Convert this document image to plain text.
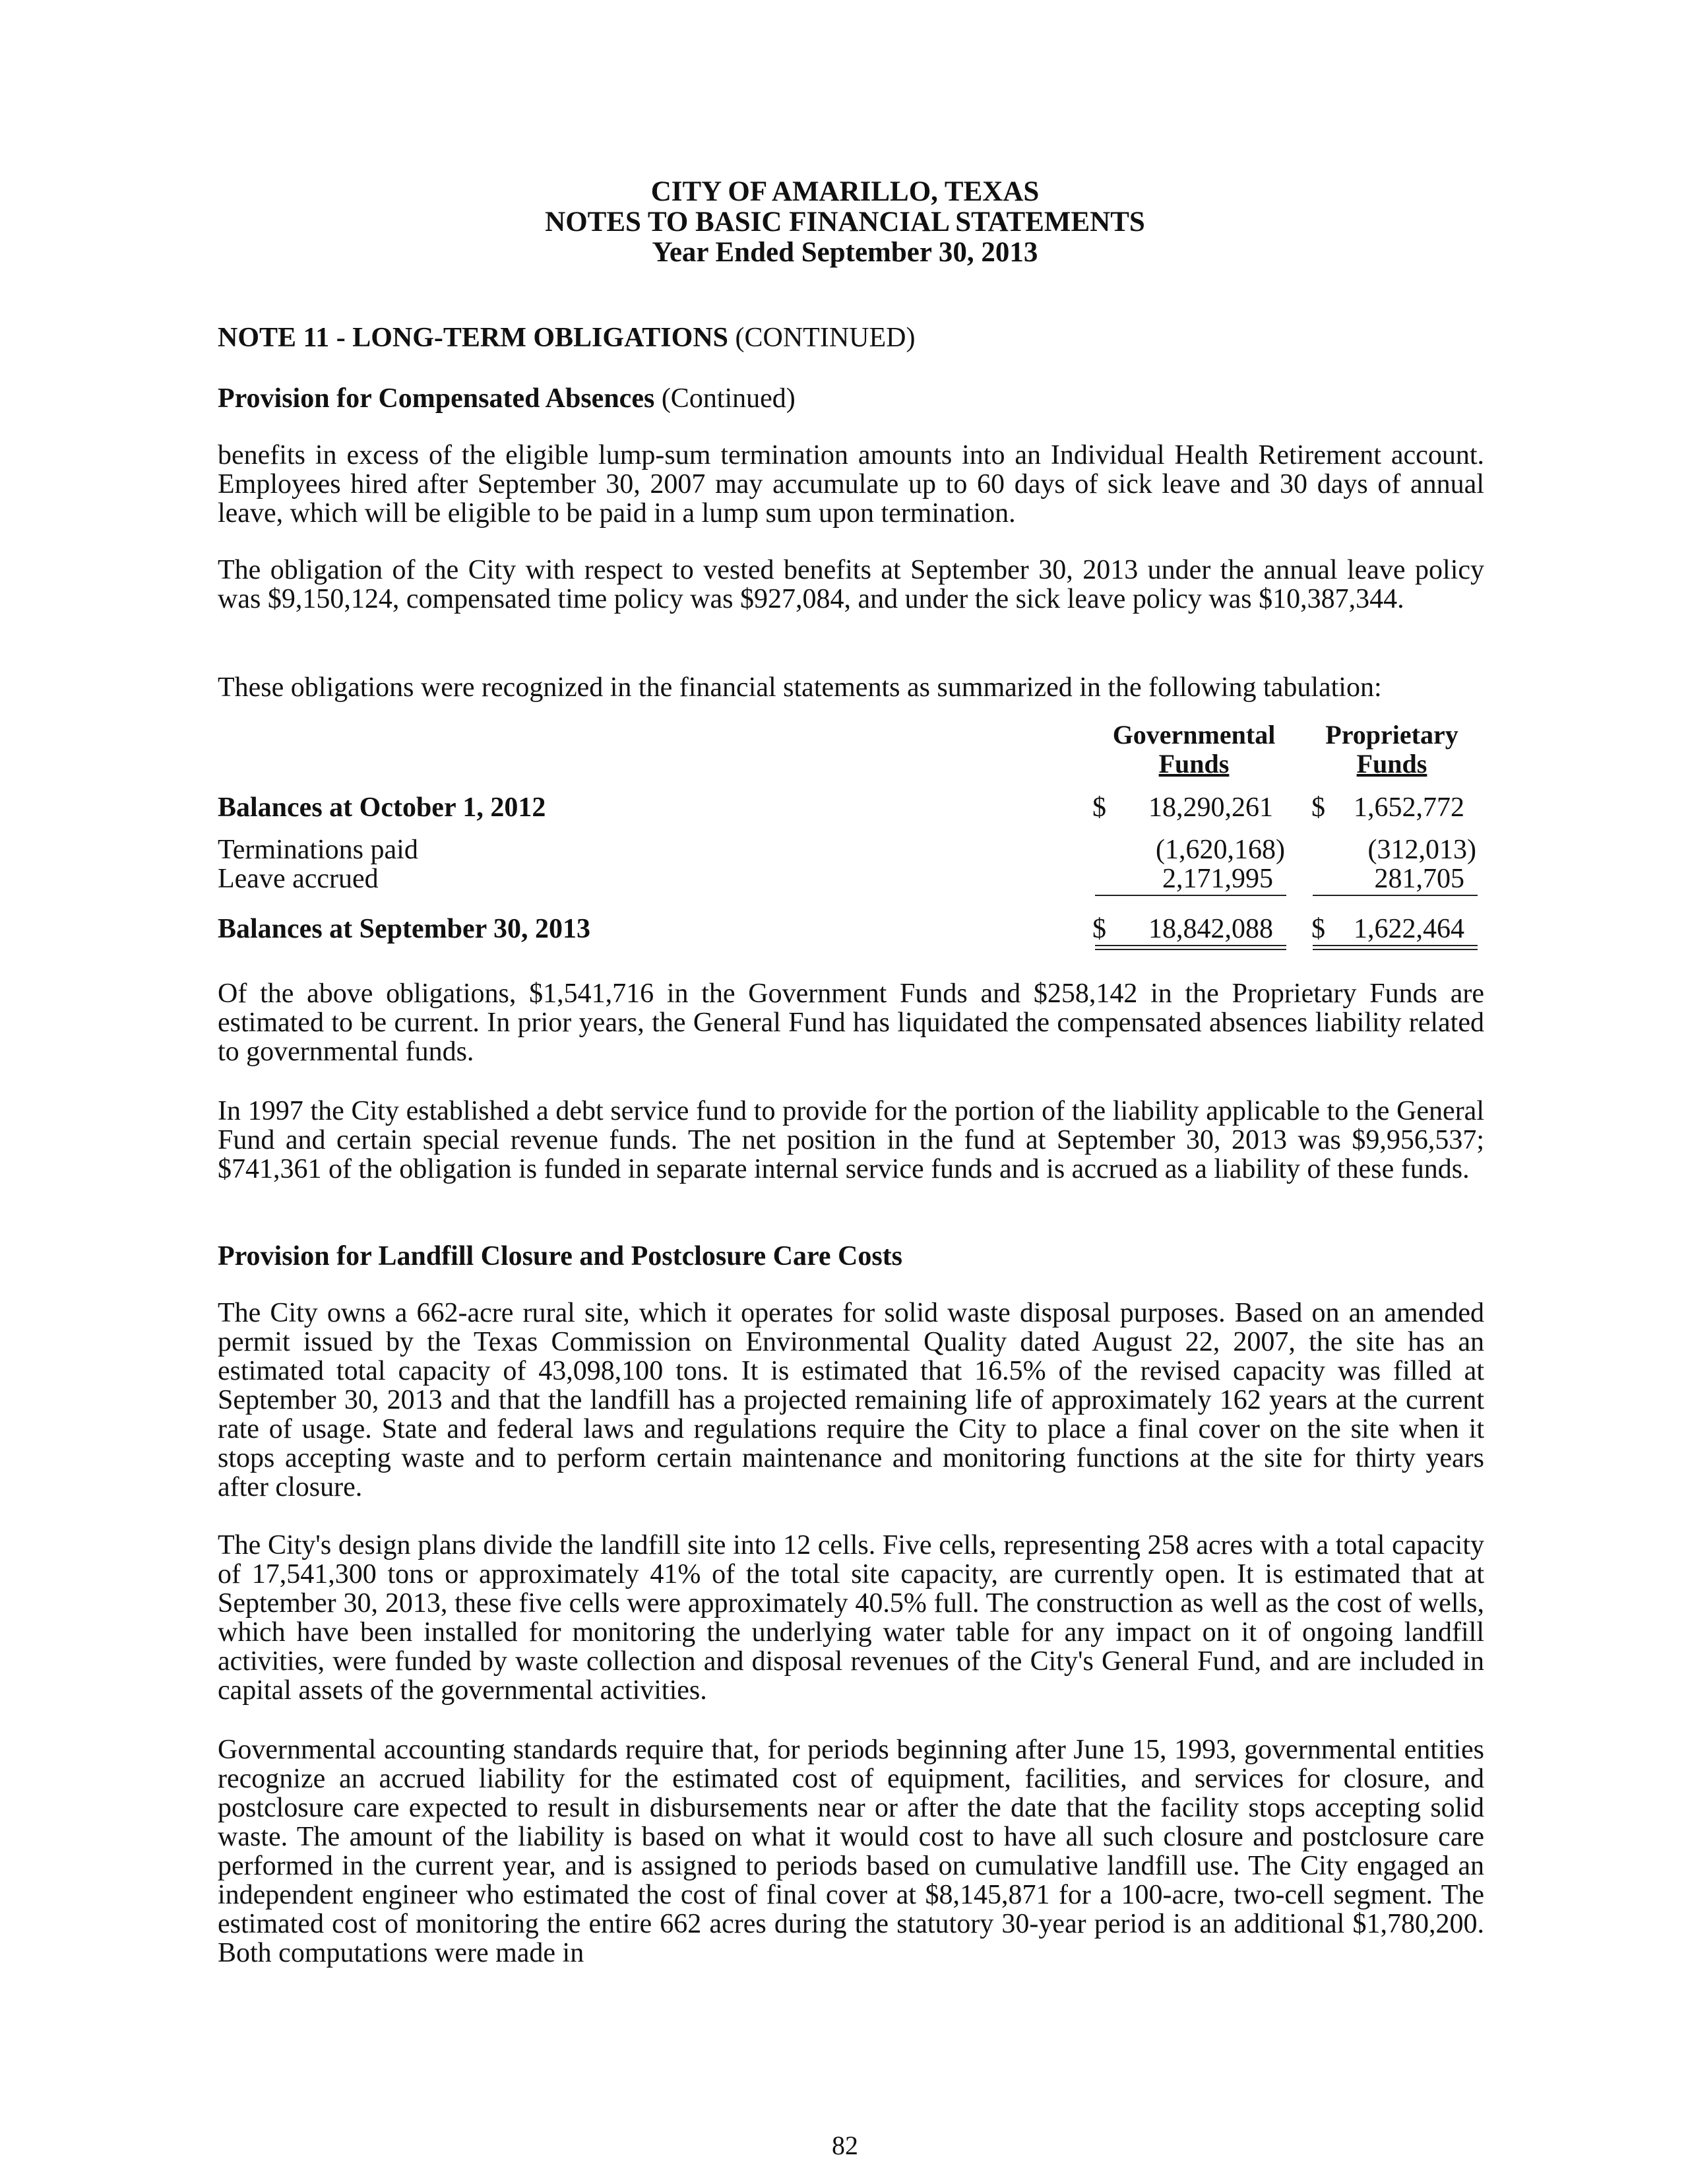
CITY OF AMARILLO, TEXAS
NOTES TO BASIC FINANCIAL STATEMENTS
Year Ended September 30, 2013
NOTE 11 - LONG-TERM OBLIGATIONS (CONTINUED)
Provision for Compensated Absences (Continued)
benefits in excess of the eligible lump-sum termination amounts into an Individual Health Retirement account. Employees hired after September 30, 2007 may accumulate up to 60 days of sick leave and 30 days of annual leave, which will be eligible to be paid in a lump sum upon termination.
The obligation of the City with respect to vested benefits at September 30, 2013 under the annual leave policy was $9,150,124, compensated time policy was $927,084, and under the sick leave policy was $10,387,344.
These obligations were recognized in the financial statements as summarized in the following tabulation:
Governmental
Funds
Proprietary
Funds
Balances at October 1, 2012	$	18,290,261 $	1,652,772
Terminations paid	(1,620,168)	(312,013)
Leave accrued	2,171,995	281,705
Balances at September 30, 2013	$	18,842,088 $	1,622,464
Of the above obligations, $1,541,716 in the Government Funds and $258,142 in the Proprietary Funds are estimated to be current. In prior years, the General Fund has liquidated the compensated absences liability related to governmental funds.
In 1997 the City established a debt service fund to provide for the portion of the liability applicable to the General Fund and certain special revenue funds. The net position in the fund at September 30, 2013 was $9,956,537; $741,361 of the obligation is funded in separate internal service funds and is accrued as a liability of these funds.
Provision for Landfill Closure and Postclosure Care Costs
The City owns a 662-acre rural site, which it operates for solid waste disposal purposes. Based on an amended permit issued by the Texas Commission on Environmental Quality dated August 22, 2007, the site has an estimated total capacity of 43,098,100 tons. It is estimated that 16.5% of the revised capacity was filled at September 30, 2013 and that the landfill has a projected remaining life of approximately 162 years at the current rate of usage. State and federal laws and regulations require the City to place a final cover on the site when it stops accepting waste and to perform certain maintenance and monitoring functions at the site for thirty years after closure.
The City's design plans divide the landfill site into 12 cells. Five cells, representing 258 acres with a total capacity of 17,541,300 tons or approximately 41% of the total site capacity, are currently open. It is estimated that at September 30, 2013, these five cells were approximately 40.5% full. The construction as well as the cost of wells, which have been installed for monitoring the underlying water table for any impact on it of ongoing landfill activities, were funded by waste collection and disposal revenues of the City's General Fund, and are included in capital assets of the governmental activities.
Governmental accounting standards require that, for periods beginning after June 15, 1993, governmental entities recognize an accrued liability for the estimated cost of equipment, facilities, and services for closure, and postclosure care expected to result in disbursements near or after the date that the facility stops accepting solid waste. The amount of the liability is based on what it would cost to have all such closure and postclosure care performed in the current year, and is assigned to periods based on cumulative landfill use. The City engaged an independent engineer who estimated the cost of final cover at $8,145,871 for a 100-acre, two-cell segment. The estimated cost of monitoring the entire 662 acres during the statutory 30-year period is an additional $1,780,200. Both computations were made in
82
